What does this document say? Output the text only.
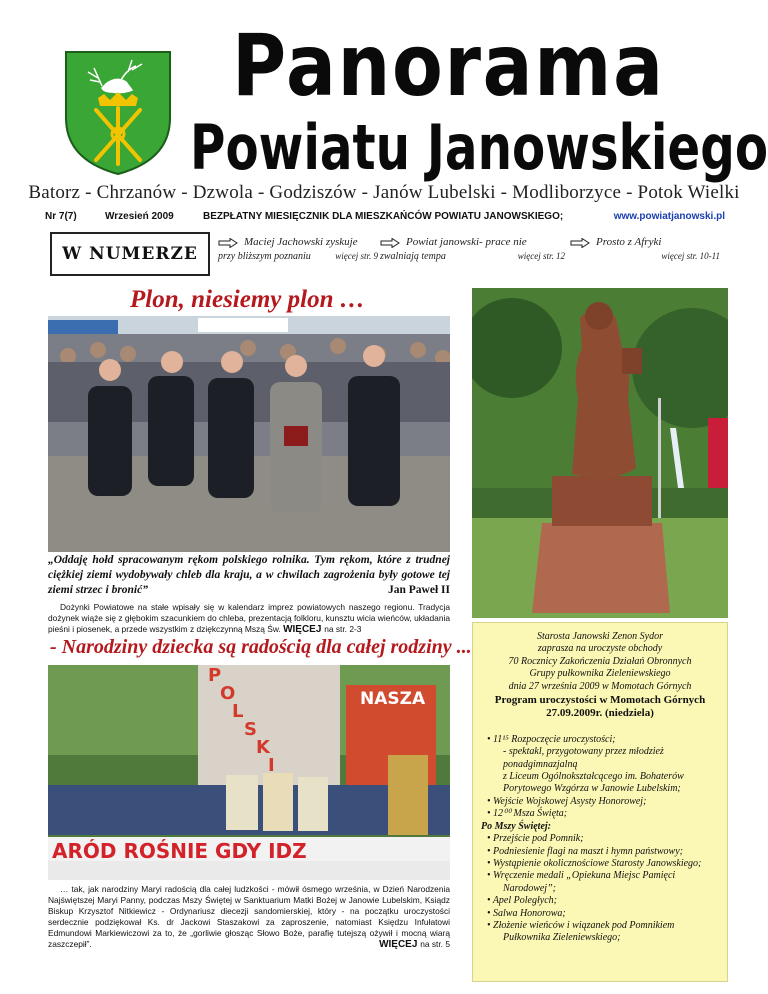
Panorama
Powiatu Janowskiego
Batorz - Chrzanów - Dzwola - Godziszów - Janów Lubelski - Modliborzyce - Potok Wielki
Nr 7(7)	Wrzesień 2009	BEZPŁATNY MIESIĘCZNIK DLA MIESZKAŃCÓW POWIATU JANOWSKIEGO;	www.powiatjanowski.pl
W NUMERZE
Maciej Jachowski zyskuje
przy bliższym poznaniu	więcej str. 9
Powiat janowski- prace nie
zwalniają tempa	więcej str. 12
Prosto z Afryki
więcej str. 10-11
Plon, niesiemy plon …
„Oddaję hołd spracowanym rękom polskiego rolnika. Tym rękom, które z trudnej ciężkiej ziemi wydobywały chleb dla kraju, a w chwilach zagrożenia były gotowe tej ziemi strzec i bronić”	Jan Paweł II
Dożynki Powiatowe na stałe wpisały się w kalendarz imprez powiatowych naszego regionu. Tradycja dożynek wiąże się z głębokim szacunkiem do chleba, prezentacją folkloru, kunsztu wicia wieńców, układania pieśni i piosenek, a przede wszystkim z dziękczynną Mszą Św. WIĘCEJ na str. 2-3
- Narodziny dziecka są radością dla całej rodziny ...
P
O
L
S
K
I
NASZA
ARÓD ROŚNIE GDY IDZ
… tak, jak narodziny Maryi radością dla całej ludzkości - mówił ósmego września, w Dzień Narodzenia Najświętszej Maryi Panny, podczas Mszy Świętej w Sanktuarium Matki Bożej w Janowie Lubelskim, Ksiądz Biskup Krzysztof Nitkiewicz - Ordynariusz diecezji sandomierskiej, który - na początku uroczystości serdecznie podziękował Ks. dr Jackowi Staszakowi za zaproszenie, natomiast Księdzu Infułatowi Edmundowi Markiewiczowi za to, że „gorliwie głosząc Słowo Boże, parafię tutejszą ożywił i mocną wiarą zaszczepił”.	WIĘCEJ na str. 5
Starosta Janowski Zenon Sydor
zaprasza na uroczyste obchody
70 Rocznicy Zakończenia Działań Obronnych
Grupy pułkownika Zieleniewskiego
dnia 27 września 2009 w Momotach Górnych
Program uroczystości w Momotach Górnych
27.09.2009r. (niedziela)
• 11¹⁵ Rozpoczęcie uroczystości;
- spektakl, przygotowany przez młodzież
ponadgimnazjalną
z Liceum Ogólnokształcącego im. Bohaterów
Porytowego Wzgórza w Janowie Lubelskim;
• Wejście Wojskowej Asysty Honorowej;
• 12⁰⁰ Msza Święta;
Po Mszy Świętej:
• Przejście pod Pomnik;
• Podniesienie flagi na maszt i hymn państwowy;
• Wystąpienie okolicznościowe Starosty Janowskiego;
• Wręczenie medali „Opiekuna Miejsc Pamięci
Narodowej”;
• Apel Poległych;
• Salwa Honorowa;
• Złożenie wieńców i wiązanek pod Pomnikiem
Pułkownika Zieleniewskiego;
